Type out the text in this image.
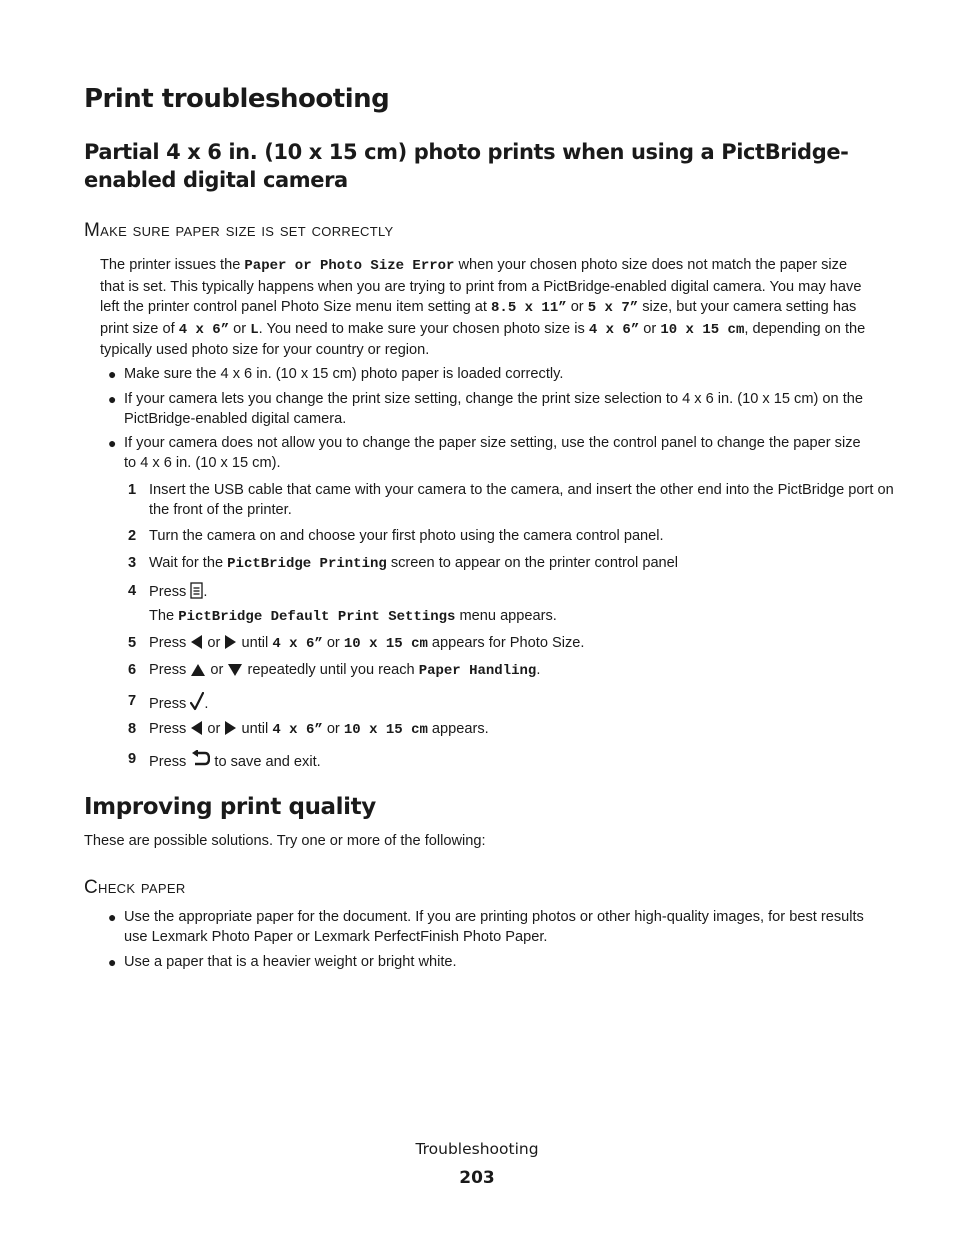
Print troubleshooting
Partial 4 x 6 in. (10 x 15 cm) photo prints when using a PictBridge-enabled digital camera
Make sure paper size is set correctly

The printer issues the Paper or Photo Size Error when your chosen photo size does not match the paper size that is set. This typically happens when you are trying to print from a PictBridge-enabled digital camera. You may have left the printer control panel Photo Size menu item setting at 8.5 x 11” or 5 x 7” size, but your camera setting has print size of 4 x 6” or L. You need to make sure your chosen photo size is 4 x 6” or 10 x 15 cm, depending on the typically used photo size for your country or region.

● Make sure the 4 x 6 in. (10 x 15 cm) photo paper is loaded correctly.
● If your camera lets you change the print size setting, change the print size selection to 4 x 6 in. (10 x 15 cm) on the PictBridge-enabled digital camera.
● If your camera does not allow you to change the paper size setting, use the control panel to change the paper size to 4 x 6 in. (10 x 15 cm).
1 Insert the USB cable that came with your camera to the camera, and insert the other end into the PictBridge port on the front of the printer.
2 Turn the camera on and choose your first photo using the camera control panel.
3 Wait for the PictBridge Printing screen to appear on the printer control panel
4 Press .
The PictBridge Default Print Settings menu appears.
5 Press  or  until 4 x 6” or 10 x 15 cm appears for Photo Size.
6 Press  or  repeatedly until you reach Paper Handling.
7 Press .
8 Press  or  until 4 x 6” or 10 x 15 cm appears.
9 Press  to save and exit.
Improving print quality

These are possible solutions. Try one or more of the following:

Check paper
● Use the appropriate paper for the document. If you are printing photos or other high-quality images, for best results use Lexmark Photo Paper or Lexmark PerfectFinish Photo Paper.
● Use a paper that is a heavier weight or bright white.
Troubleshooting
203
